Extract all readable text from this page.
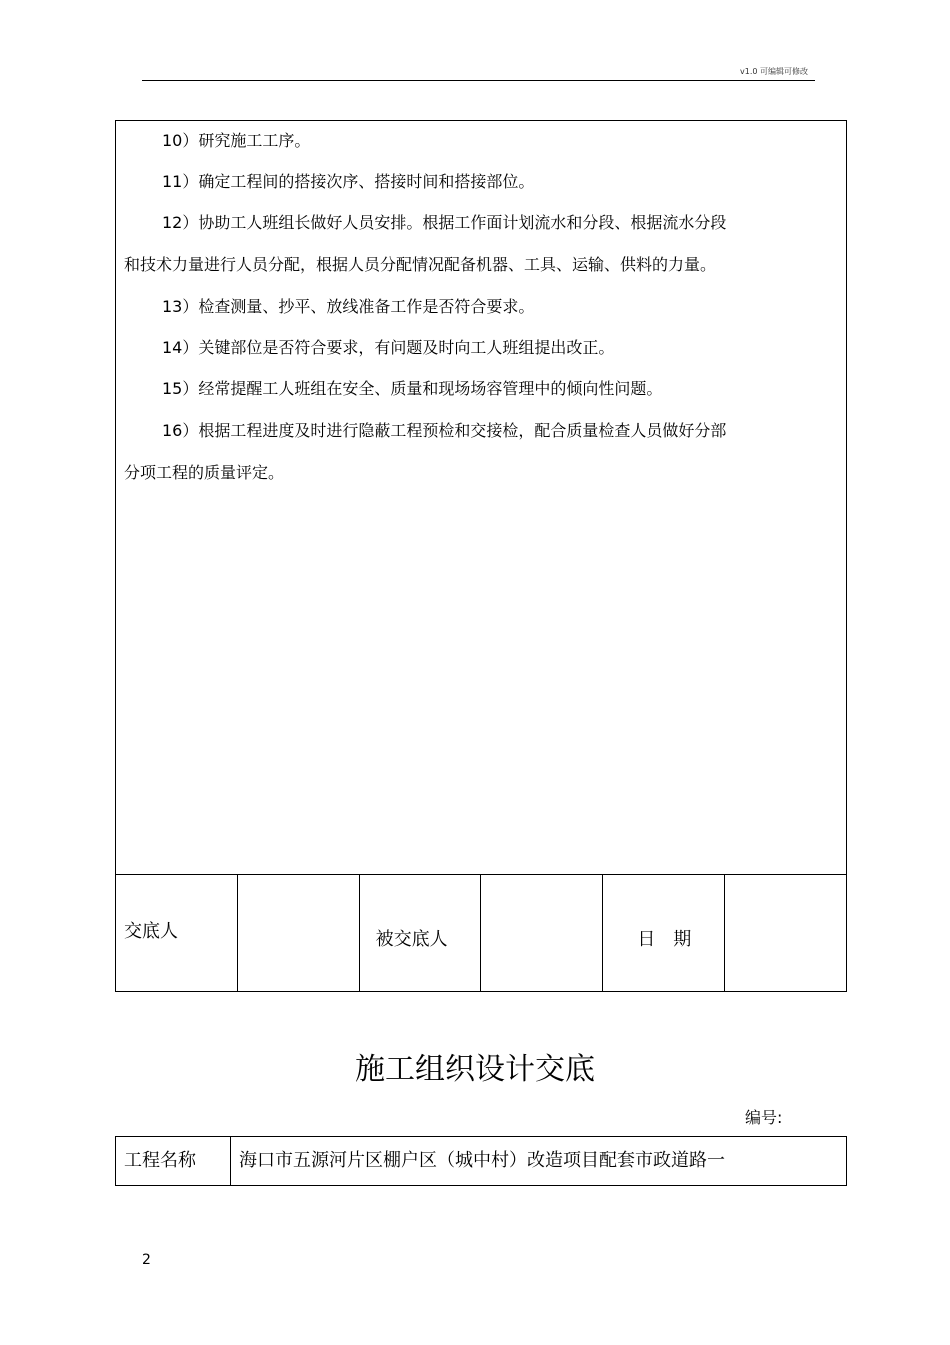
v1.0 可编辑可修改
10）研究施工工序。
11）确定工程间的搭接次序、搭接时间和搭接部位。
12）协助工人班组长做好人员安排。根据工作面计划流水和分段、根据流水分段
和技术力量进行人员分配，根据人员分配情况配备机器、工具、运输、供料的力量。
13）检查测量、抄平、放线准备工作是否符合要求。
14）关键部位是否符合要求，有问题及时向工人班组提出改正。
15）经常提醒工人班组在安全、质量和现场场容管理中的倾向性问题。
16）根据工程进度及时进行隐蔽工程预检和交接检，配合质量检查人员做好分部
分项工程的质量评定。
交底人	被交底人	日　期
施工组织设计交底
编号:
工程名称	海口市五源河片区棚户区（城中村）改造项目配套市政道路一
2
